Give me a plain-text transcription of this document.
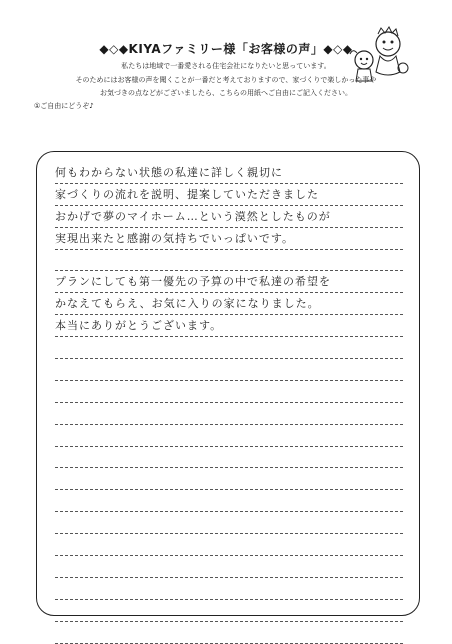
◆◇◆KIYAファミリー様「お客様の声」◆◇◆
私たちは地域で一番愛される住宅会社になりたいと思っています。
そのためにはお客様の声を聞くことが一番だと考えておりますので、家づくりで楽しかった事や
お気づきの点などがございましたら、こちらの用紙へご自由にご記入ください。
①ご自由にどうぞ♪
何もわからない状態の私達に詳しく親切に
家づくりの流れを説明、提案していただきました
おかげで夢のマイホーム…という漠然としたものが
実現出来たと感謝の気持ちでいっぱいです。
プランにしても第一優先の予算の中で私達の希望を
かなえてもらえ、お気に入りの家になりました。
本当にありがとうございます。
